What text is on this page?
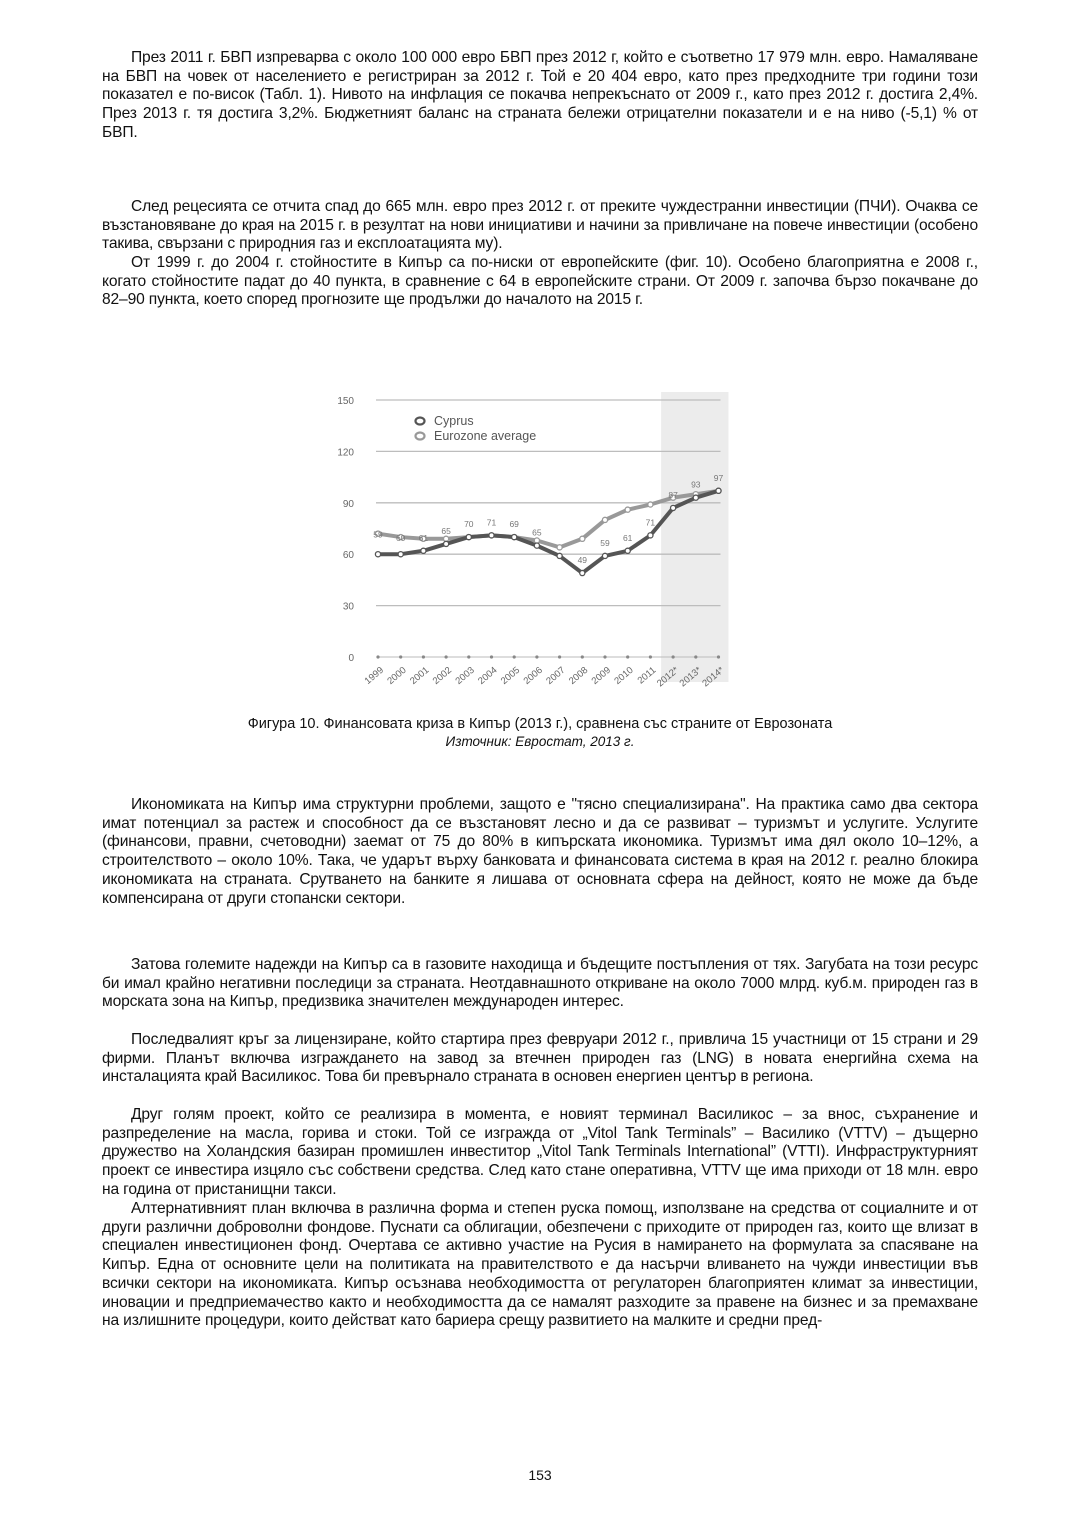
През 2011 г. БВП изпреварва с около 100 000 евро БВП през 2012 г, който е съответно 17 979 млн. евро. Намаляване на БВП на човек от населението е регистриран за 2012 г. Той е 20 404 евро, като през предходните три години този показател е по-висок (Табл. 1). Нивото на инфлация се покачва непрекъснато от 2009 г., като през 2012 г. достига 2,4%. През 2013 г. тя достига 3,2%. Бюджетният баланс на страната бележи отрицателни показатели и е на ниво (-5,1) % от БВП.

След рецесията се отчита спад до 665 млн. евро през 2012 г. от преките чуждестранни инвестиции (ПЧИ). Очаква се възстановяване до края на 2015 г. в резултат на нови инициативи и начини за привличане на повече инвестиции (особено такива, свързани с природния газ и експлоатацията му).

От 1999 г. до 2004 г. стойностите в Кипър са по-ниски от европейските (фиг. 10). Особено благоприятна е 2008 г., когато стойностите падат до 40 пункта, в сравнение с 64 в европейските страни. От 2009 г. започва бързо покачване до 82–90 пункта, което според прогнозите ще продължи до началото на 2015 г.

0
30
60
90
120
150
1999 2000 2001 2002 2003 2004 2005 2006 2007 2008 2009 2010 2011
2012*
2013*
2014*
59 60 61
65
70 71 69
65
49
59
61
71
87
93
97
Cyprus
Eurozone average
Фигура 10. Финансовата криза в Кипър (2013 г.), сравнена със страните от Еврозоната
Източник: Евростат, 2013 г.

Икономиката на Кипър има структурни проблеми, защото е "тясно специализирана". На практика само два сектора имат потенциал за растеж и способност да се възстановят лесно и да се развиват – туризмът и услугите. Услугите (финансови, правни, счетоводни) заемат от 75 до 80% в кипърската икономика. Туризмът има дял около 10–12%, а строителството – около 10%. Така, че ударът върху банковата и финансовата система в края на 2012 г. реално блокира икономиката на страната. Срутването на банките я лишава от основната сфера на дейност, която не може да бъде компенсирана от други стопански сектори.

Затова големите надежди на Кипър са в газовите находища и бъдещите постъпления от тях. Загубата на този ресурс би имал крайно негативни последици за страната. Неотдавнашното откриване на около 7000 млрд. куб.м. природен газ в морската зона на Кипър, предизвика значителен международен интерес.

Последвалият кръг за лицензиране, който стартира през февруари 2012 г., привлича 15 участници от 15 страни и 29 фирми. Планът включва изграждането на завод за втечнен природен газ (LNG) в новата енергийна схема на инсталацията край Василикос. Това би превърнало страната в основен енергиен център в региона.

Друг голям проект, който се реализира в момента, е новият терминал Василикос – за внос, съхранение и разпределение на масла, горива и стоки. Той се изгражда от „Vitol Tank Terminals” – Василико (VTTV) – дъщерно дружество на Холандския базиран промишлен инвеститор „Vitol Tank Terminals International” (VTTI). Инфраструктурният проект се инвестира изцяло със собствени средства. След като стане оперативна, VTTV ще има приходи от 18 млн. евро на година от пристанищни такси.

Алтернативният план включва в различна форма и степен руска помощ, използване на средства от социалните и от други различни доброволни фондове. Пуснати са облигации, обезпечени с приходите от природен газ, които ще влизат в специален инвестиционен фонд. Очертава се активно участие на Русия в намирането на формулата за спасяване на Кипър. Една от основните цели на политиката на правителството е да насърчи вливането на чужди инвестиции във всички сектори на икономиката. Кипър осъзнава необходимостта от регулаторен благоприятен климат за инвестиции, иновации и предприемачество както и необходимостта да се намалят разходите за правене на бизнес и за премахване на излишните процедури, които действат като бариера срещу развитието на малките и средни пред-

153
